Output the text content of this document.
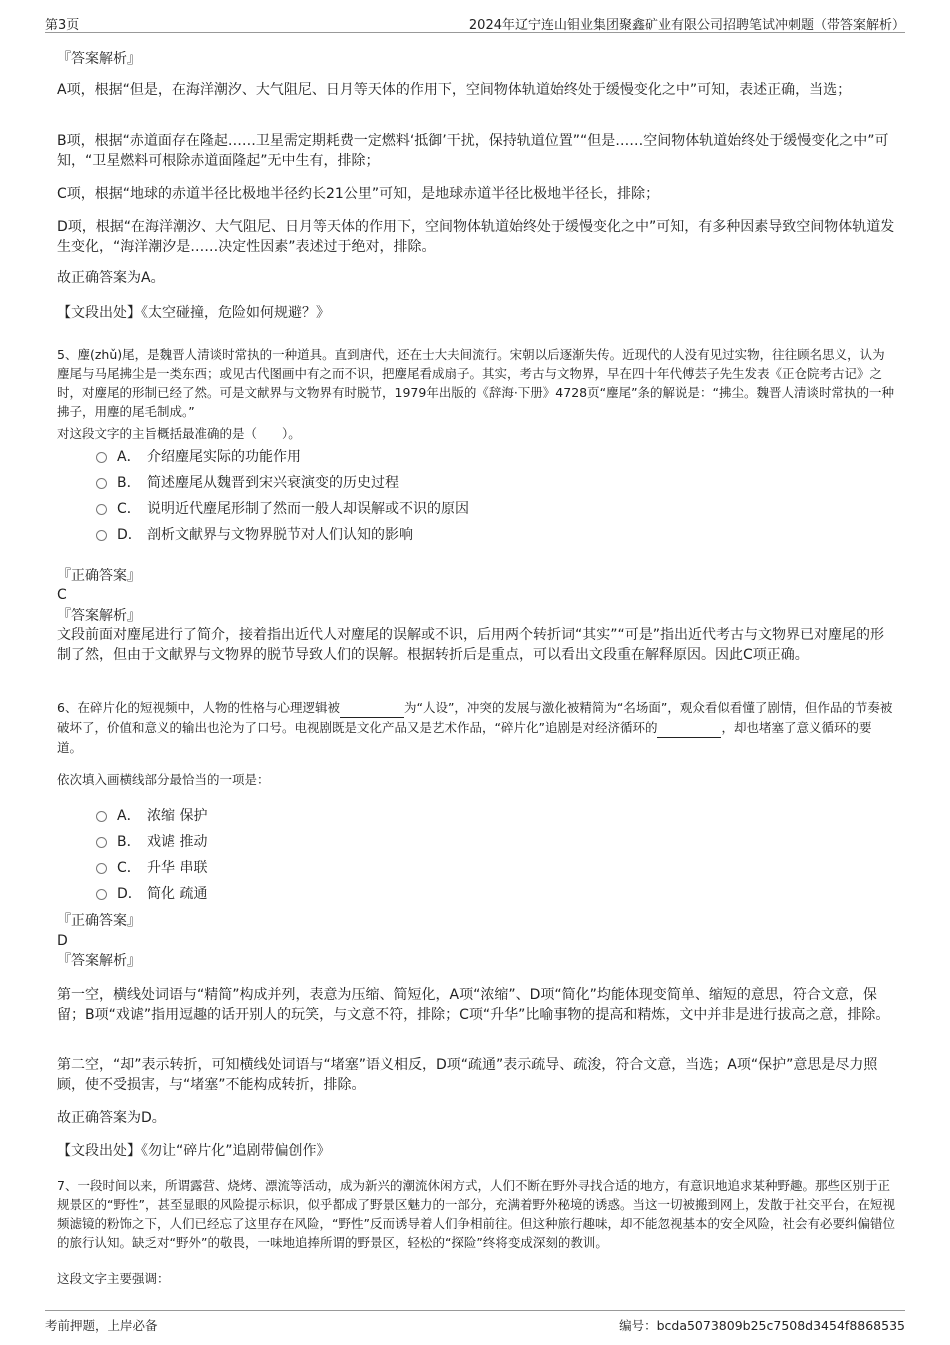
第3页	2024年辽宁连山钼业集团聚鑫矿业有限公司招聘笔试冲刺题（带答案解析）

『答案解析』

A项，根据“但是，在海洋潮汐、大气阻尼、日月等天体的作用下，空间物体轨道始终处于缓慢变化之中”可知，表述正确，当选；

B项，根据“赤道面存在隆起……卫星需定期耗费一定燃料‘抵御’干扰，保持轨道位置”“但是……空间物体轨道始终处于缓慢变化之中”可知，“卫星燃料可根除赤道面隆起”无中生有，排除；

C项，根据“地球的赤道半径比极地半径约长21公里”可知，是地球赤道半径比极地半径长，排除；

D项，根据“在海洋潮汐、大气阻尼、日月等天体的作用下，空间物体轨道始终处于缓慢变化之中”可知，有多种因素导致空间物体轨道发生变化，“海洋潮汐是……决定性因素”表述过于绝对，排除。

故正确答案为A。

【文段出处】《太空碰撞，危险如何规避？》

5、麈(zhǔ)尾，是魏晋人清谈时常执的一种道具。直到唐代，还在士大夫间流行。宋朝以后逐渐失传。近现代的人没有见过实物，往往顾名思义，认为麈尾与马尾拂尘是一类东西；或见古代图画中有之而不识，把麈尾看成扇子。其实，考古与文物界，早在四十年代傅芸子先生发表《正仓院考古记》之时，对麈尾的形制已经了然。可是文献界与文物界有时脱节，1979年出版的《辞海·下册》4728页“麈尾”条的解说是：“拂尘。魏晋人清谈时常执的一种拂子，用麈的尾毛制成。”

对这段文字的主旨概括最准确的是（　　）。

A． 介绍麈尾实际的功能作用
B． 简述麈尾从魏晋到宋兴衰演变的历史过程
C． 说明近代麈尾形制了然而一般人却误解或不识的原因
D． 剖析文献界与文物界脱节对人们认知的影响

『正确答案』

C

『答案解析』

文段前面对麈尾进行了简介，接着指出近代人对麈尾的误解或不识，后用两个转折词“其实”“可是”指出近代考古与文物界已对麈尾的形制了然，但由于文献界与文物界的脱节导致人们的误解。根据转折后是重点，可以看出文段重在解释原因。因此C项正确。

6、在碎片化的短视频中，人物的性格与心理逻辑被	为“人设”，冲突的发展与激化被精简为“名场面”，观众看似看懂了剧情，但作品的节奏被破坏了，价值和意义的输出也沦为了口号。电视剧既是文化产品又是艺术作品，“碎片化”追剧是对经济循环的	，却也堵塞了意义循环的要道。

依次填入画横线部分最恰当的一项是：

A． 浓缩 保护
B． 戏谑 推动
C． 升华 串联
D． 简化 疏通

『正确答案』

D

『答案解析』

第一空，横线处词语与“精简”构成并列，表意为压缩、简短化，A项“浓缩”、D项“简化”均能体现变简单、缩短的意思，符合文意，保留；B项“戏谑”指用逗趣的话开别人的玩笑，与文意不符，排除；C项“升华”比喻事物的提高和精炼，文中并非是进行拔高之意，排除。

第二空，“却”表示转折，可知横线处词语与“堵塞”语义相反，D项“疏通”表示疏导、疏浚，符合文意，当选；A项“保护”意思是尽力照顾，使不受损害，与“堵塞”不能构成转折，排除。

故正确答案为D。

【文段出处】《勿让“碎片化”追剧带偏创作》

7、一段时间以来，所谓露营、烧烤、漂流等活动，成为新兴的潮流休闲方式，人们不断在野外寻找合适的地方，有意识地追求某种野趣。那些区别于正规景区的“野性”，甚至显眼的风险提示标识，似乎都成了野景区魅力的一部分，充满着野外秘境的诱惑。当这一切被搬到网上，发散于社交平台，在短视频滤镜的粉饰之下，人们已经忘了这里存在风险，“野性”反而诱导着人们争相前往。但这种旅行趣味，却不能忽视基本的安全风险，社会有必要纠偏错位的旅行认知。缺乏对“野外”的敬畏，一味地追捧所谓的野景区，轻松的“探险”终将变成深刻的教训。

这段文字主要强调：

考前押题，上岸必备	编号：bcda5073809b25c7508d3454f8868535
